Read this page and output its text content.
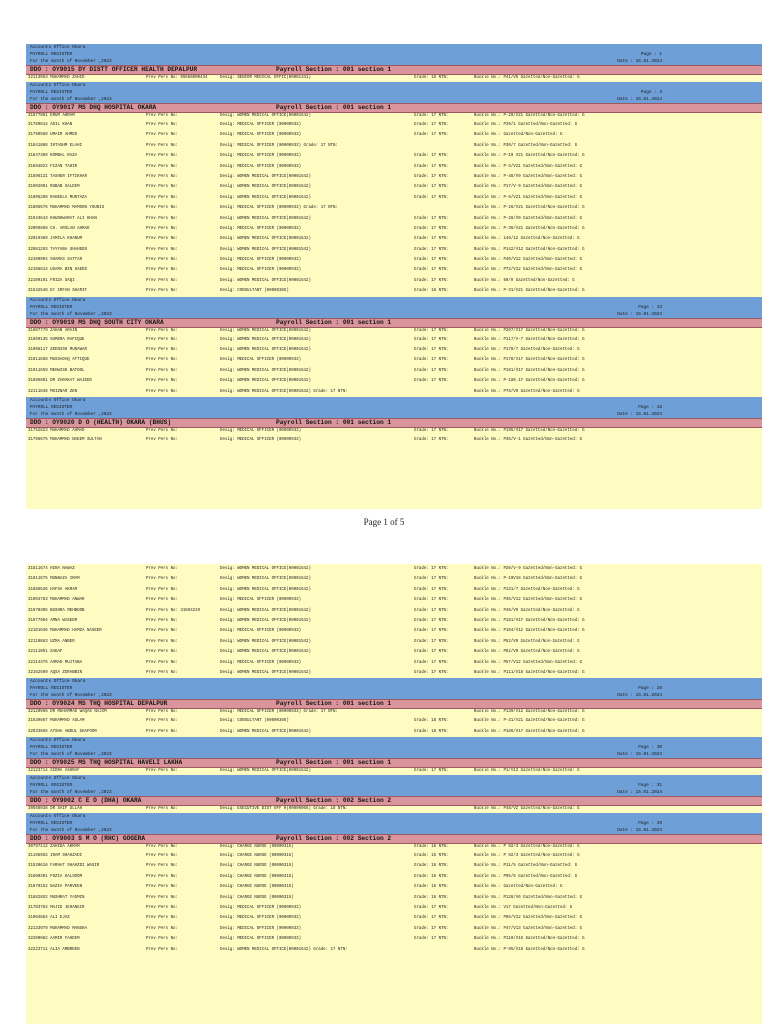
Accounts Office Okara
PAYROLL REGISTER
For the month of November ,2023
Page : 1
Date : 15.01.2024
DDO : OY9015 DY DISTT OFFICER HEALTH DEPALPUR	Payroll Section : 001 section 1
32113053 MUHAMMAD ZAHID	Prev Pers No: 95556000434	Desig: SENIOR MEDICAL OFFIC(00001341)	Grade: 18 NTN:	Buckle No.: P41/V5 Gazetted/Non-Gazetted: G
Accounts Office Okara
PAYROLL REGISTER
For the month of November ,2023
Page : 3
Date : 15.01.2024
DDO : OY9017 MS DHQ HOSPITAL OKARA	Payroll Section : 001 section 1
31877081 ERUM AKRAM	Prev Pers No:	Desig: WOMEN MEDICAL OFFICE(00001542)	Grade: 17 NTN:	Buckle No.: P-29/V21 Gazetted/Non-Gazetted: G
31789814 ADIL KHAN	Prev Pers No:	Desig: MEDICAL OFFICER (00000933)	Grade: 17 NTN:	Buckle No.: P39/1 Gazetted/Non-Gazetted: G
31799550 UMAIR AHMED	Prev Pers No:	Desig: MEDICAL OFFICER (00000933)	Grade: 17 NTN:	Buckle No.: Gazetted/Non-Gazetted: G
31841886 IHTASHM ELAHI	Prev Pers No:	Desig: MEDICAL OFFICER (00000933) Grade: 17 NTN:	Buckle No.: P30/7 Gazetted/Non-Gazetted: G
31847380 KOMBAL RAZA	Prev Pers No:	Desig: MEDICAL OFFICER (00000933)	Grade: 17 NTN:	Buckle No.: P-19 V21 Gazetted/Non-Gazetted: G
31894022 FIZAN TAHIR	Prev Pers No:	Desig: MEDICAL OFFICER (00000933)	Grade: 17 NTN:	Buckle No.: P-3/V21 Gazetted/Non-Gazetted: G
31896131 TASHER IFTIKHAR	Prev Pers No:	Desig: WOMEN MEDICAL OFFICE(00001542)	Grade: 17 NTN:	Buckle No.: P-48/V9 Gazetted/Non-Gazetted: G
31902001 RUBAB SALEEM	Prev Pers No:	Desig: WOMEN MEDICAL OFFICE(00001542)	Grade: 17 NTN:	Buckle No.: P17/V-9 Gazetted/Non-Gazetted: G
31905200 RAHEELA MUNTAZA	Prev Pers No:	Desig: WOMEN MEDICAL OFFICE(00001542)	Grade: 17 NTN:	Buckle No.: P-6/V21 Gazetted/Non-Gazetted: G
31805676 MUHAMMAD MAMOON YOUNIS	Prev Pers No:	Desig: MEDICAL OFFICER (00000933) Grade: 17 NTN:	Buckle No.: P-26/V21 Gazetted/Non-Gazetted: G
31943643 KHUDHWARAT ALI KHAN	Prev Pers No:	Desig: WOMEN MEDICAL OFFICE(00001542)	Grade: 17 NTN:	Buckle No.: P-28/V9 Gazetted/Non-Gazetted: G
32009868 CH. ARSLAN AHMAD	Prev Pers No:	Desig: MEDICAL OFFICER (00000933)	Grade: 17 NTN:	Buckle No.: P-36/V21 Gazetted/Non-Gazetted: G
32019389 JAMILA KHANUM	Prev Pers No:	Desig: WOMEN MEDICAL OFFICE(00001542)	Grade: 17 NTN:	Buckle No.: 146/12 Gazetted/Non-Gazetted: G
32081293 TAYYABA SHAHEEN	Prev Pers No:	Desig: WOMEN MEDICAL OFFICE(00001542)	Grade: 17 NTN:	Buckle No.: P142/V12 Gazetted/Non-Gazetted: G
32100904 SHAMAS SATTAR	Prev Pers No:	Desig: MEDICAL OFFICER (00000933)	Grade: 17 NTN:	Buckle No.: P40/V12 Gazetted/Non-Gazetted: G
32106814 USAMA BIN SAEED	Prev Pers No:	Desig: MEDICAL OFFICER (00000933)	Grade: 17 NTN:	Buckle No.: P72/V12 Gazetted/Non-Gazetted: G
32109101 FRIZA SAQI	Prev Pers No:	Desig: WOMEN MEDICAL OFFICE(00001542)	Grade: 17 NTN:	Buckle No.: 69/9 Gazetted/Non-Gazetted: G
31542548 Dr IRFAN SHARIF	Prev Pers No:	Desig: CONSULTANT (00000385)	Grade: 18 NTN:	Buckle No.: P-31/V21 Gazetted/Non-Gazetted: G
Accounts Office Okara
PAYROLL REGISTER
For the month of November ,2023
Page : 13
Date : 15.01.2024
DDO : OY9019 MS DHQ SOUTH CITY OKARA	Payroll Section : 001 section 1
31807779 ZAHAB ARAIN	Prev Pers No:	Desig: WOMEN MEDICAL OFFICE(00001542)	Grade: 17 NTN:	Buckle No.: P207/V17 Gazetted/Non-Gazetted: G
31869135 SUMERA RAFIQUE	Prev Pers No:	Desig: WOMEN MEDICAL OFFICE(00001542)	Grade: 17 NTN:	Buckle No.: P117/V-7 Gazetted/Non-Gazetted: G
31908117 ZEENISH MUNAWAR	Prev Pers No:	Desig: WOMEN MEDICAL OFFICE(00001542)	Grade: 17 NTN:	Buckle No.: P178/7 Gazetted/Non-Gazetted: G
31911568 MUSSADAQ ATTIQUE	Prev Pers No:	Desig: MEDICAL OFFICER (00000933)	Grade: 17 NTN:	Buckle No.: P178/V17 Gazetted/Non-Gazetted: G
31911659 MEHWISH BATOOL	Prev Pers No:	Desig: WOMEN MEDICAL OFFICE(00001542)	Grade: 17 NTN:	Buckle No.: P181/V17 Gazetted/Non-Gazetted: G
31895801 DR ZARAKAT WAJEED	Prev Pers No:	Desig: WOMEN MEDICAL OFFICE(00001542)	Grade: 17 NTN:	Buckle No.: P-180.17 Gazetted/Non-Gazetted: G
32111046 MOIZNAR ZEN	Prev Pers No:	Desig: WOMEN MEDICAL OFFICE(00001542) Grade: 17 NTN:	Buckle No.: P78/V9 Gazetted/Non-Gazetted: G
Accounts Office Okara
PAYROLL REGISTER
For the month of November ,2023
Page : 18
Date : 15.01.2024
DDO : OY9020 D O (HEALTH) OKARA (BHUS)	Payroll Section : 001 section 1
31752823 MUHAMMAD AHMAD	Prev Pers No:	Desig: MEDICAL OFFICER (00000933)	Grade: 17 NTN:	Buckle No.: P195/V17 Gazetted/Non-Gazetted: G
31796675 MUHAMMAD NAEEM SULTAN	Prev Pers No:	Desig: MEDICAL OFFICER (00000933)	Grade: 17 NTN:	Buckle No.: P36/V-1 Gazetted/Non-Gazetted: G
Page 1 of 5
31811674 HIRA NAWAZ	Prev Pers No:	Desig: WOMEN MEDICAL OFFICE(00001542)	Grade: 17 NTN:	Buckle No.: P20/V-9 Gazetted/Non-Gazetted: G
31811675 MUNNAZA IRAM	Prev Pers No:	Desig: WOMEN MEDICAL OFFICE(00001542)	Grade: 17 NTN:	Buckle No.: P-10V18 Gazetted/Non-Gazetted: G
31886536 HAFSA AKRAM	Prev Pers No:	Desig: WOMEN MEDICAL OFFICE(00001542)	Grade: 17 NTN:	Buckle No.: P131/7 Gazetted/Non-Gazetted: G
31904783 MUHAMMAD ANWAR	Prev Pers No:	Desig: MEDICAL OFFICER (00000933)	Grade: 17 NTN:	Buckle No.: P36/V12 Gazetted/Non-Gazetted: G
31970305 BUSHRA MEHBOOB	Prev Pers No: 31594229	Desig: WOMEN MEDICAL OFFICE(00001542)	Grade: 17 NTN:	Buckle No.: P46/V9 Gazetted/Non-Gazetted: G
31977904 AMNA WASEEM	Prev Pers No:	Desig: WOMEN MEDICAL OFFICE(00001542)	Grade: 17 NTN:	Buckle No.: P181/V17 Gazetted/Non-Gazetted: G
32101046 MUHAMMAD HAMZA NASEER	Prev Pers No:	Desig: MEDICAL OFFICER (00000933)	Grade: 17 NTN:	Buckle No.: P104/V12 Gazetted/Non-Gazetted: G
32110863 UZMA ANBER	Prev Pers No:	Desig: WOMEN MEDICAL OFFICE(00001542)	Grade: 17 NTN:	Buckle No.: P52/V9 Gazetted/Non-Gazetted: G
32111051 SADAF	Prev Pers No:	Desig: WOMEN MEDICAL OFFICE(00001542)	Grade: 17 NTN:	Buckle No.: P82/V9 Gazetted/Non-Gazetted: G
32114376 AHMAD MUJTABA	Prev Pers No:	Desig: MEDICAL OFFICER (00000933)	Grade: 17 NTN:	Buckle No.: P57/V12 Gazetted/Non-Gazetted: G
32162509 AQSA ZERABBIN	Prev Pers No:	Desig: WOMEN MEDICAL OFFICE(00001542)	Grade: 17 NTN:	Buckle No.: P111/V18 Gazetted/Non-Gazetted: G
Accounts Office Okara
PAYROLL REGISTER
For the month of November ,2023
Page : 28
Date : 15.01.2024
DDO : OY9024 MS THQ HOSPITAL DEPALPUR	Payroll Section : 001 section 1
32120966 DR MUHAMMAD WAQAS NAJIM	Prev Pers No:	Desig: MEDICAL OFFICER (00000933) Grade: 17 NTN:	Buckle No.: P139/V12 Gazetted/Non-Gazetted: G
31639867 MUHAMMAD ASLAM	Prev Pers No:	Desig: CONSULTANT (00000385)	Grade: 18 NTN:	Buckle No.: P-31/V21 Gazetted/Non-Gazetted: G
32033665 AYSHA ABDUL GHAFOOR	Prev Pers No:	Desig: WOMEN MEDICAL OFFICE(00001542)	Grade: 18 NTN:	Buckle No.: P186/V17 Gazetted/Non-Gazetted: G
Accounts Office Okara
PAYROLL REGISTER
For the month of November ,2023
Page : 30
Date : 15.01.2024
DDO : OY9025 MS THQ HOSPITAL HAVELI LAKHA	Payroll Section : 001 section 1
32123714 SIDRA ASHRAF	Prev Pers No:	Desig: WOMEN MEDICAL OFFICE(00001542)	Grade: 17 NTN:	Buckle No.: P1/V13 Gazetted/Non-Gazetted: G
Accounts Office Okara
PAYROLL REGISTER
For the month of November ,2023
Page : 31
Date : 15.01.2024
DDO : OY9002 C E O (DHA) OKARA	Payroll Section : 002 Section 2
30568038 DR SAIF ULLAH	Prev Pers No:	Desig: EXECUTIVE DIST OFF H(00000068) Grade: 18 NTN:	Buckle No.: P48/V2 Gazetted/Non-Gazetted: G
Accounts Office Okara
PAYROLL REGISTER
For the month of November ,2023
Page : 39
Date : 15.01.2024
DDO : OY9003 S M O (RHC) GOGERA	Payroll Section : 002 Section 2
30797112 ZAHIDA AKRAM	Prev Pers No:	Desig: CHARGE NURSE (00000315)	Grade: 16 NTN:	Buckle No.: P 92/3 Gazetted/Non-Gazetted: G
31196662 IRAM SHAHZADI	Prev Pers No:	Desig: CHARGE NURSE (00000315)	Grade: 16 NTN:	Buckle No.: P 92/3 Gazetted/Non-Gazetted: G
31530616 FARHAT SHAHZDI WASIR	Prev Pers No:	Desig: CHARGE NURSE (00000315)	Grade: 16 NTN:	Buckle No.: P11/5 Gazetted/Non-Gazetted: G
31600301 FOZIA KALSOOM	Prev Pers No:	Desig: CHARGE NURSE (00000315)	Grade: 16 NTN:	Buckle No.: P95/6 Gazetted/Non-Gazetted: G
31870152 NAZIA PARVEEN	Prev Pers No:	Desig: CHARGE NURSE (00000315)	Grade: 16 NTN:	Buckle No.: Gazetted/Non-Gazetted: G
31882852 MUSHRAT YASMIN	Prev Pers No:	Desig: CHARGE NURSE (00000315)	Grade: 16 NTN:	Buckle No.: P126/V6 Gazetted/Non-Gazetted: G
31703784 MAJID JEHANGIR	Prev Pers No:	Desig: MEDICAL OFFICER (00000933)	Grade: 17 NTN:	Buckle No.: V17 Gazetted/Non-Gazetted: G
31904884 ALI EJAZ	Prev Pers No:	Desig: MEDICAL OFFICER (00000933)	Grade: 17 NTN:	Buckle No.: P86/V12 Gazetted/Non-Gazetted: G
32133979 MUHAMMAD MANSHA	Prev Pers No:	Desig: MEDICAL OFFICER (00000933)	Grade: 17 NTN:	Buckle No.: P47/V13 Gazetted/Non-Gazetted: G
32200082 AAMIR FAHEEM	Prev Pers No:	Desig: MEDICAL OFFICER (00000933)	Grade: 17 NTN:	Buckle No.: P110/V16 Gazetted/Non-Gazetted: G
32223711 ALIA AMBREEN	Prev Pers No:	Desig: WOMEN MEDICAL OFFICE(00001542) Grade: 17 NTN:	Buckle No.: P-95/V18 Gazetted/Non-Gazetted: G
